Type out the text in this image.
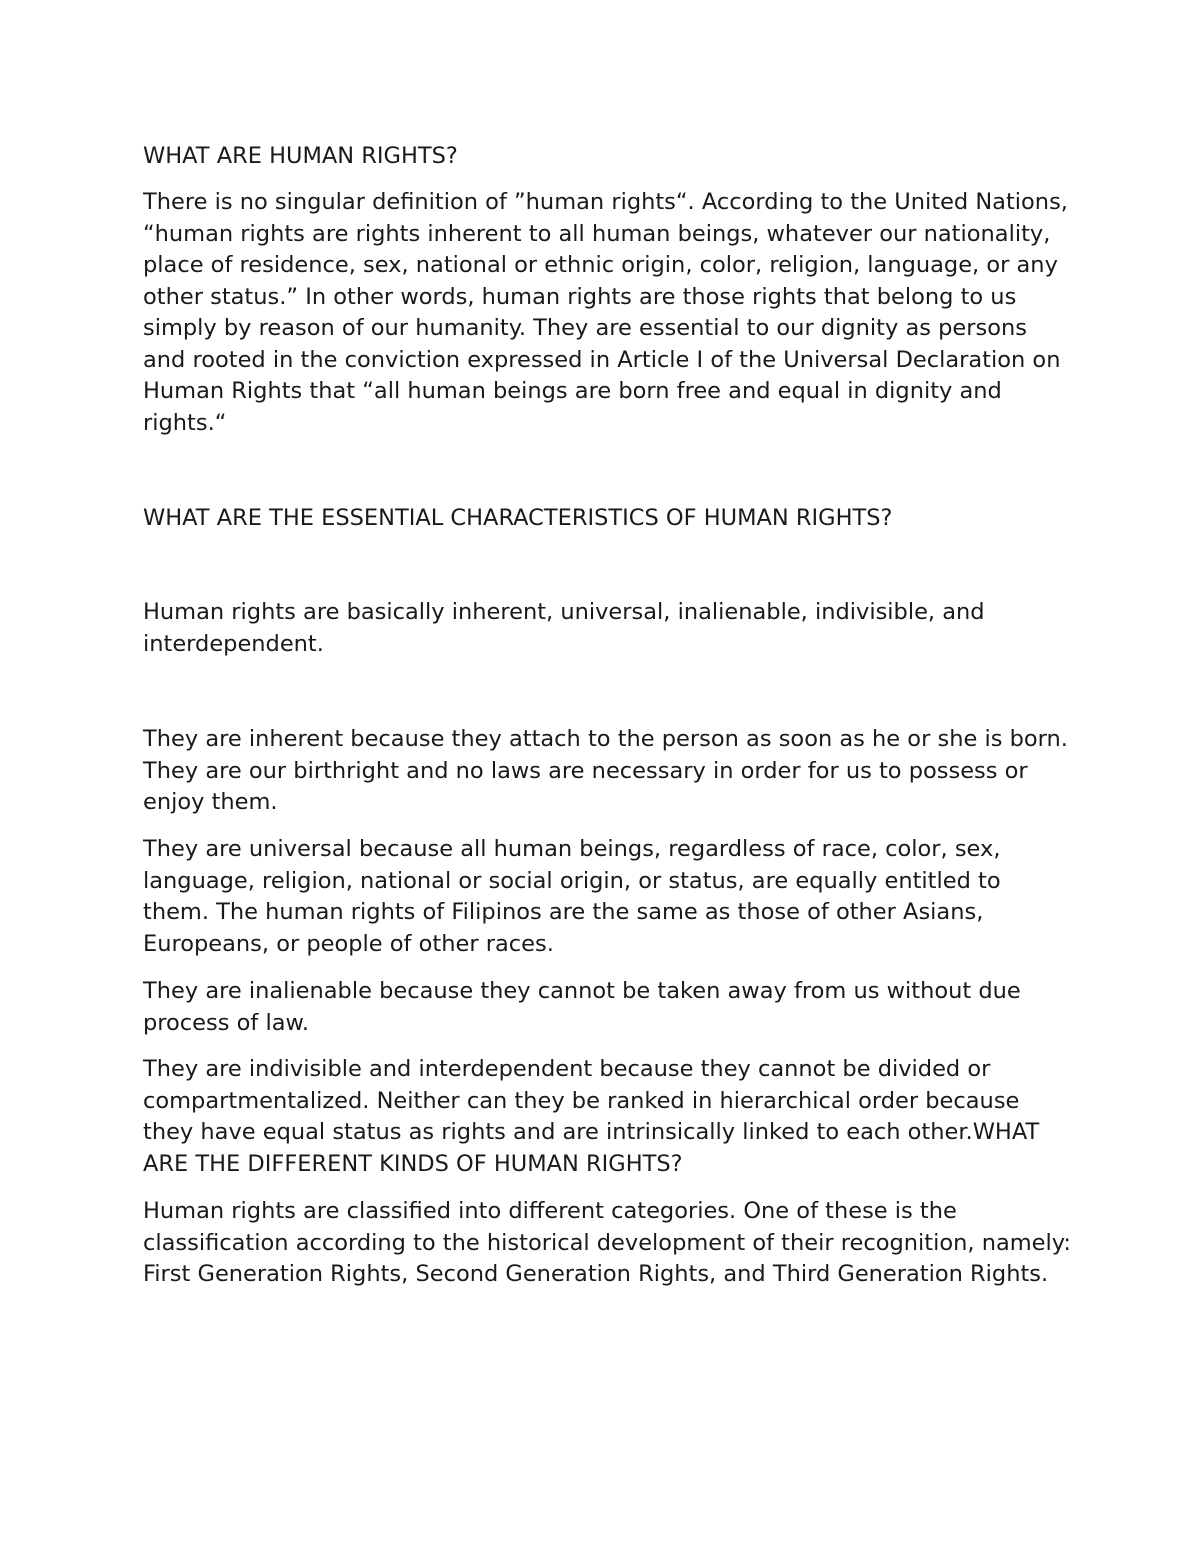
WHAT ARE HUMAN RIGHTS?

There is no singular definition of ”human rights“. According to the United Nations, “human rights are rights inherent to all human beings, whatever our nationality, place of residence, sex, national or ethnic origin, color, religion, language, or any other status.” In other words, human rights are those rights that belong to us simply by reason of our humanity. They are essential to our dignity as persons and rooted in the conviction expressed in Article I of the Universal Declaration on Human Rights that “all human beings are born free and equal in dignity and rights.“

WHAT ARE THE ESSENTIAL CHARACTERISTICS OF HUMAN RIGHTS?

Human rights are basically inherent, universal, inalienable, indivisible, and interdependent.

They are inherent because they attach to the person as soon as he or she is born. They are our birthright and no laws are necessary in order for us to possess or enjoy them.

They are universal because all human beings, regardless of race, color, sex, language, religion, national or social origin, or status, are equally entitled to them. The human rights of Filipinos are the same as those of other Asians, Europeans, or people of other races.

They are inalienable because they cannot be taken away from us without due process of law.

They are indivisible and interdependent because they cannot be divided or compartmentalized. Neither can they be ranked in hierarchical order because they have equal status as rights and are intrinsically linked to each other.WHAT ARE THE DIFFERENT KINDS OF HUMAN RIGHTS?

Human rights are classified into different categories. One of these is the classification according to the historical development of their recognition, namely: First Generation Rights, Second Generation Rights, and Third Generation Rights.
